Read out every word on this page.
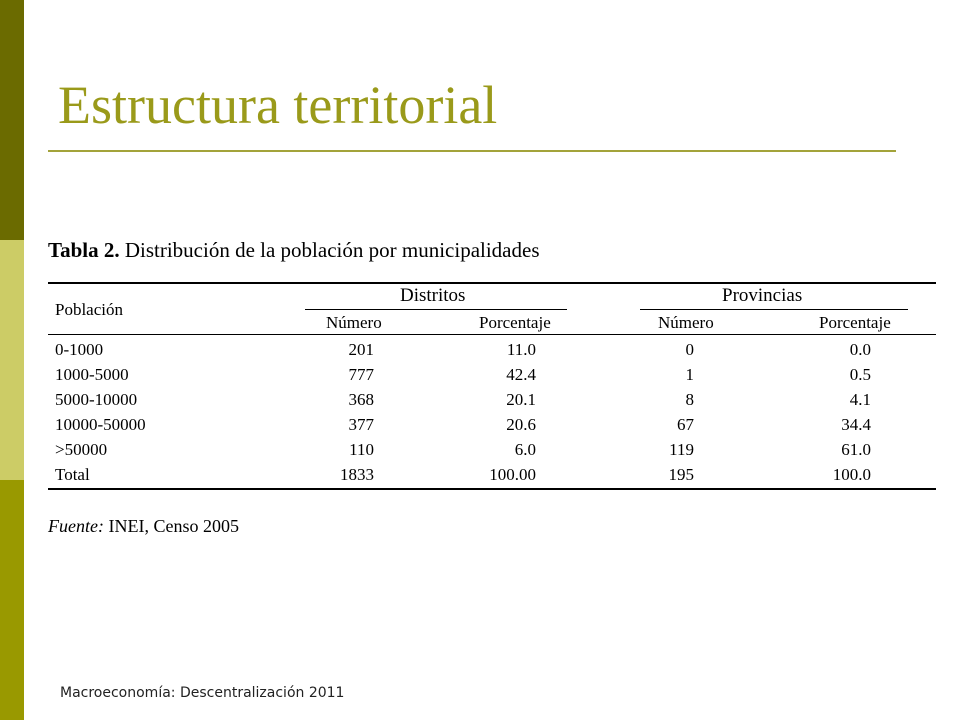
Estructura territorial
Tabla 2. Distribución de la población por municipalidades
Población
Distritos	Provincias
Número	Porcentaje	Número	Porcentaje
0-1000	201	11.0	0	0.0
1000-5000	777	42.4	1	0.5
5000-10000	368	20.1	8	4.1
10000-50000	377	20.6	67	34.4
>50000	110	6.0	119	61.0
Total	1833	100.00	195	100.0
Fuente: INEI, Censo 2005
Macroeconomía: Descentralización 2011
